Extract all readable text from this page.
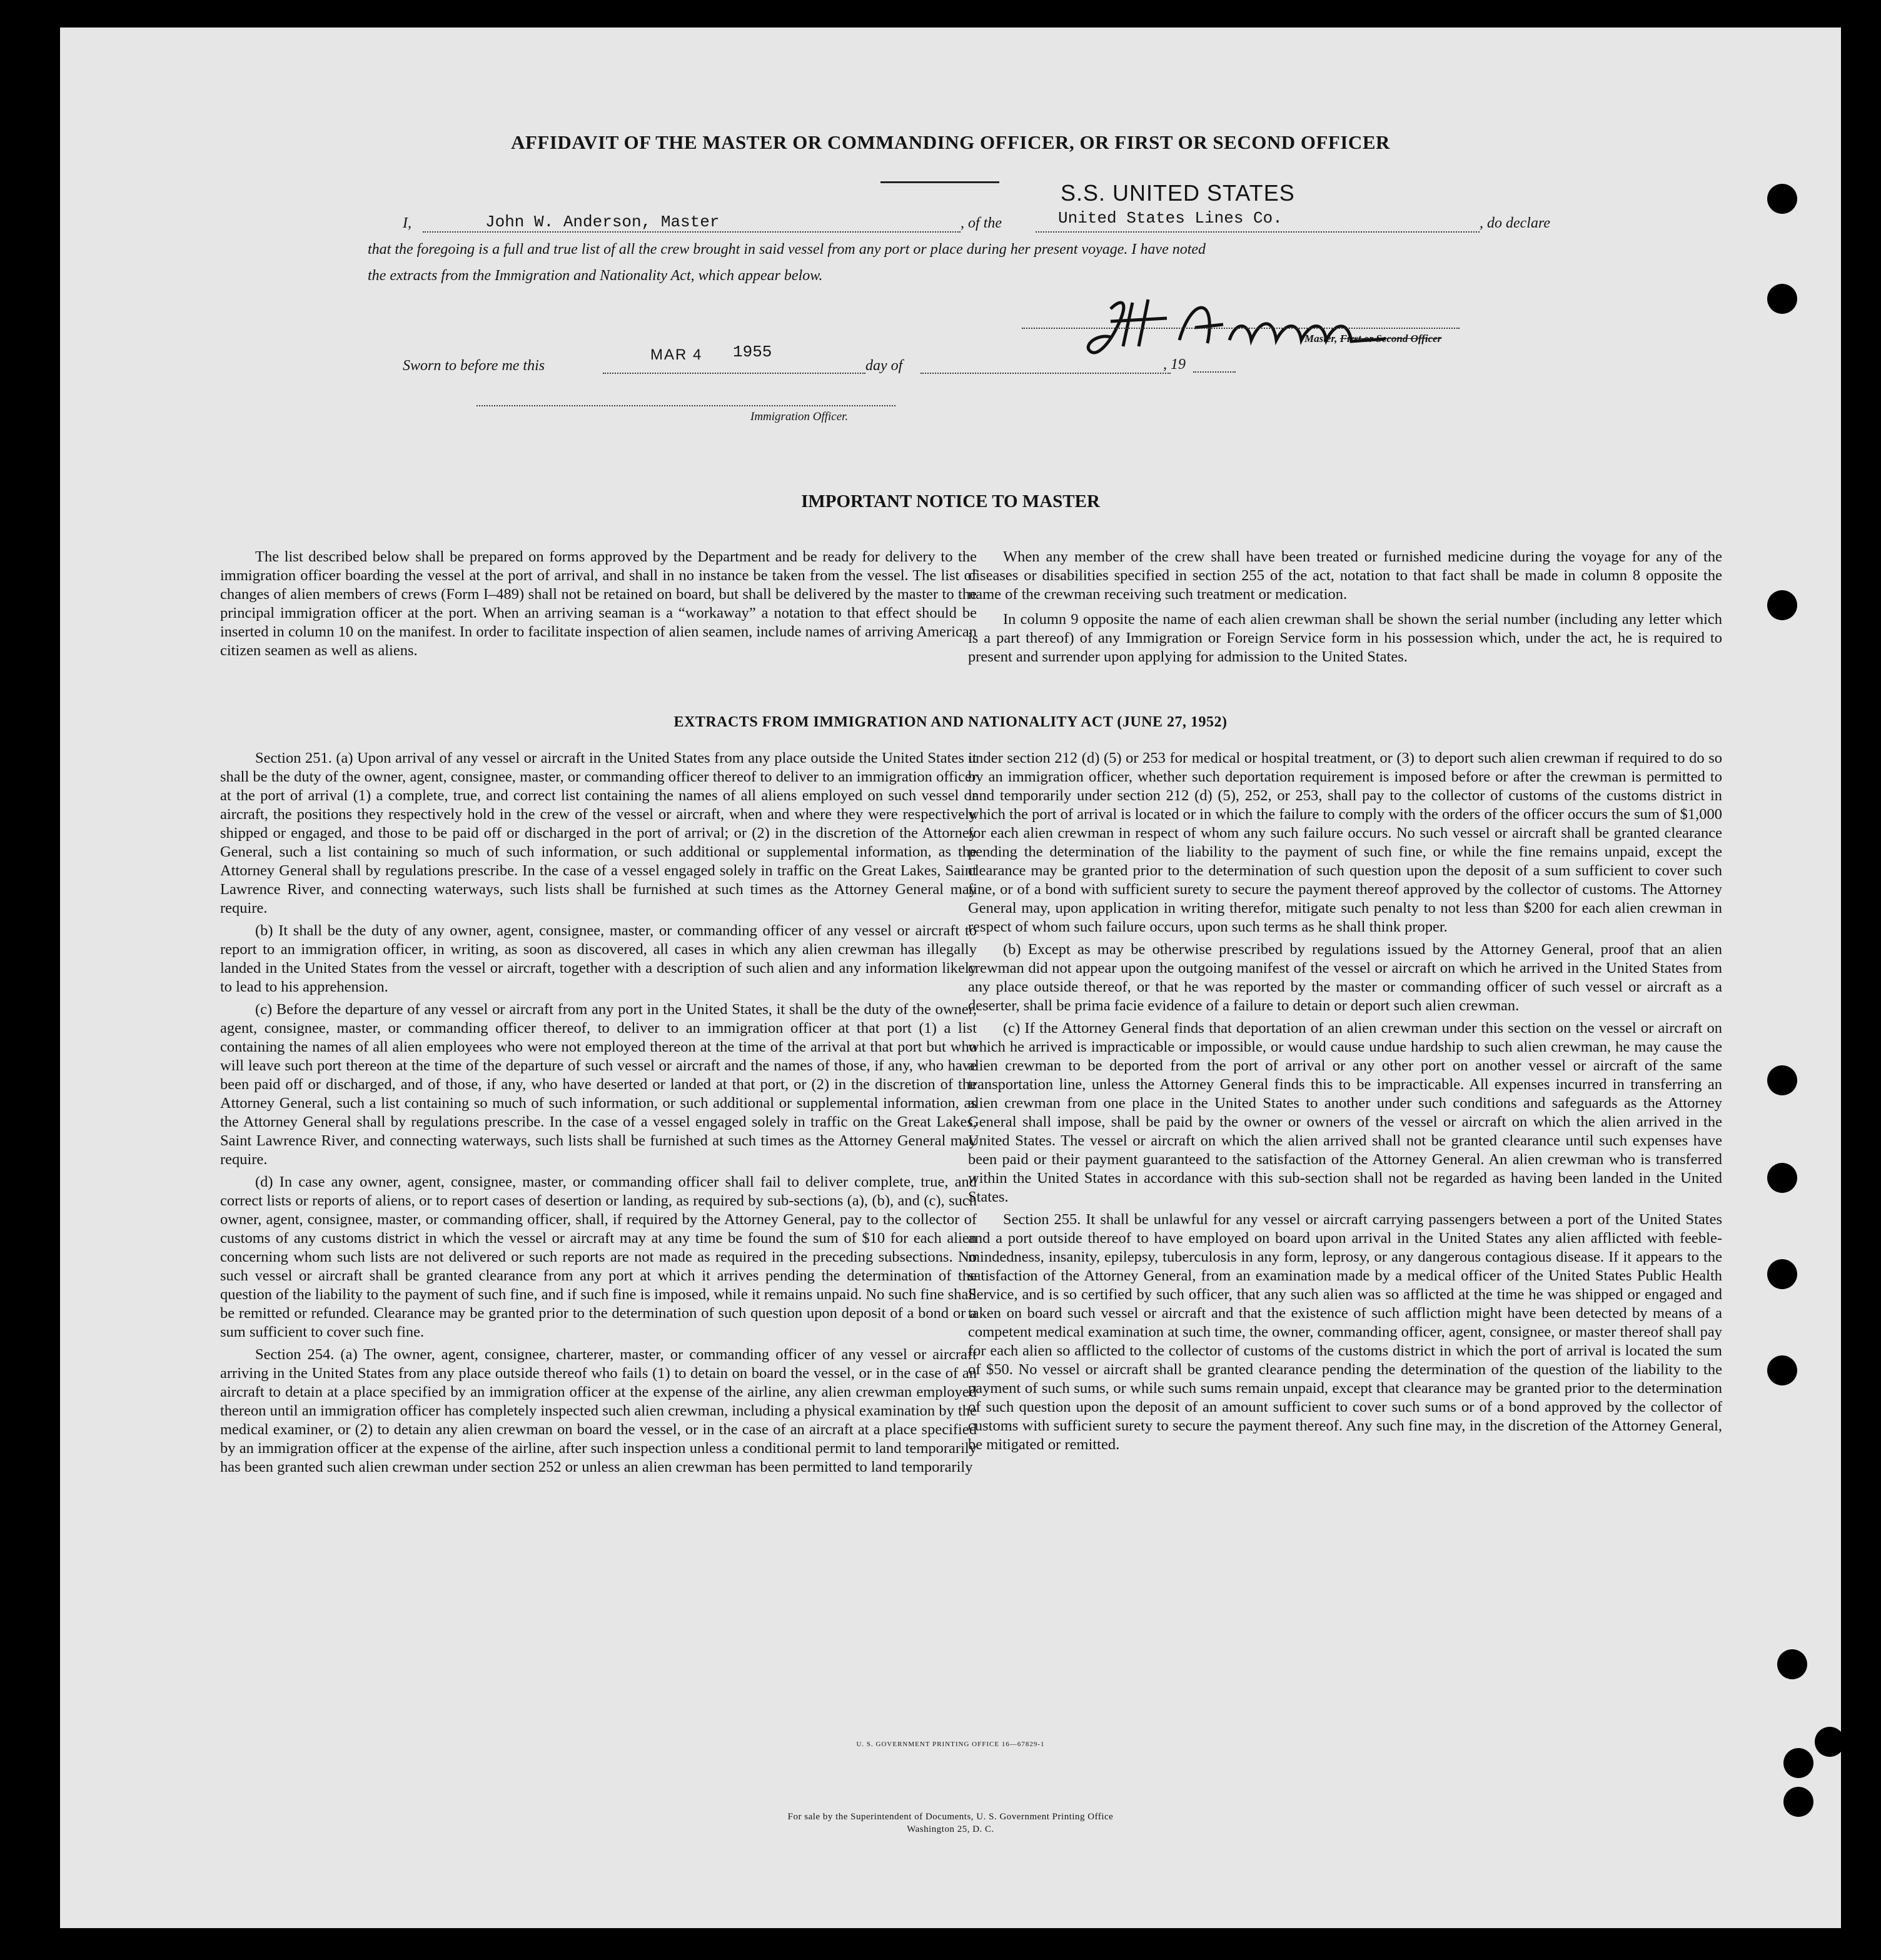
AFFIDAVIT OF THE MASTER OR COMMANDING OFFICER, OR FIRST OR SECOND OFFICER
I,	John W. Anderson, Master	, of the
S.S. UNITED STATES
United States Lines Co.	, do declare
that the foregoing is a full and true list of all the crew brought in said vessel from any port or place during her present voyage. I have noted
the extracts from the Immigration and Nationality Act, which appear below.
Master, First or Second Officer
Sworn to before me this
MAR 4 1955
day of	, 19
Immigration Officer.
IMPORTANT NOTICE TO MASTER

The list described below shall be prepared on forms approved by the Department and be ready for delivery to the immigration officer boarding the vessel at the port of arrival, and shall in no instance be taken from the vessel. The list of changes of alien members of crews (Form I–489) shall not be retained on board, but shall be delivered by the master to the principal immigration officer at the port. When an arriving seaman is a “workaway” a notation to that effect should be inserted in column 10 on the manifest. In order to facilitate inspection of alien seamen, include names of arriving American citizen seamen as well as aliens.

When any member of the crew shall have been treated or furnished medicine during the voyage for any of the diseases or disabilities specified in section 255 of the act, notation to that fact shall be made in column 8 opposite the name of the crewman receiving such treatment or medication.

In column 9 opposite the name of each alien crewman shall be shown the serial number (including any letter which is a part thereof) of any Immigration or Foreign Service form in his possession which, under the act, he is required to present and surrender upon applying for admission to the United States.

EXTRACTS FROM IMMIGRATION AND NATIONALITY ACT (JUNE 27, 1952)

Section 251. (a) Upon arrival of any vessel or aircraft in the United States from any place outside the United States it shall be the duty of the owner, agent, consignee, master, or commanding officer thereof to deliver to an immigration officer at the port of arrival (1) a complete, true, and correct list containing the names of all aliens employed on such vessel or aircraft, the positions they respectively hold in the crew of the vessel or aircraft, when and where they were respectively shipped or engaged, and those to be paid off or discharged in the port of arrival; or (2) in the discretion of the Attorney General, such a list containing so much of such information, or such additional or supplemental information, as the Attorney General shall by regulations prescribe. In the case of a vessel engaged solely in traffic on the Great Lakes, Saint Lawrence River, and connecting waterways, such lists shall be furnished at such times as the Attorney General may require.

(b) It shall be the duty of any owner, agent, consignee, master, or commanding officer of any vessel or aircraft to report to an immigration officer, in writing, as soon as discovered, all cases in which any alien crewman has illegally landed in the United States from the vessel or aircraft, together with a description of such alien and any information likely to lead to his apprehension.

(c) Before the departure of any vessel or aircraft from any port in the United States, it shall be the duty of the owner, agent, consignee, master, or commanding officer thereof, to deliver to an immigration officer at that port (1) a list containing the names of all alien employees who were not employed thereon at the time of the arrival at that port but who will leave such port thereon at the time of the departure of such vessel or aircraft and the names of those, if any, who have been paid off or discharged, and of those, if any, who have deserted or landed at that port, or (2) in the discretion of the Attorney General, such a list containing so much of such information, or such additional or supplemental information, as the Attorney General shall by regulations prescribe. In the case of a vessel engaged solely in traffic on the Great Lakes, Saint Lawrence River, and connecting waterways, such lists shall be furnished at such times as the Attorney General may require.

(d) In case any owner, agent, consignee, master, or commanding officer shall fail to deliver complete, true, and correct lists or reports of aliens, or to report cases of desertion or landing, as required by sub-sections (a), (b), and (c), such owner, agent, consignee, master, or commanding officer, shall, if required by the Attorney General, pay to the collector of customs of any customs district in which the vessel or aircraft may at any time be found the sum of $10 for each alien concerning whom such lists are not delivered or such reports are not made as required in the preceding subsections. No such vessel or aircraft shall be granted clearance from any port at which it arrives pending the determination of the question of the liability to the payment of such fine, and if such fine is imposed, while it remains unpaid. No such fine shall be remitted or refunded. Clearance may be granted prior to the determination of such question upon deposit of a bond or a sum sufficient to cover such fine.

Section 254. (a) The owner, agent, consignee, charterer, master, or commanding officer of any vessel or aircraft arriving in the United States from any place outside thereof who fails (1) to detain on board the vessel, or in the case of an aircraft to detain at a place specified by an immigration officer at the expense of the airline, any alien crewman employed thereon until an immigration officer has completely inspected such alien crewman, including a physical examination by the medical examiner, or (2) to detain any alien crewman on board the vessel, or in the case of an aircraft at a place specified by an immigration officer at the expense of the airline, after such inspection unless a conditional permit to land temporarily has been granted such alien crewman under section 252 or unless an alien crewman has been permitted to land temporarily

under section 212 (d) (5) or 253 for medical or hospital treatment, or (3) to deport such alien crewman if required to do so by an immigration officer, whether such deportation requirement is imposed before or after the crewman is permitted to land temporarily under section 212 (d) (5), 252, or 253, shall pay to the collector of customs of the customs district in which the port of arrival is located or in which the failure to comply with the orders of the officer occurs the sum of $1,000 for each alien crewman in respect of whom any such failure occurs. No such vessel or aircraft shall be granted clearance pending the determination of the liability to the payment of such fine, or while the fine remains unpaid, except the clearance may be granted prior to the determination of such question upon the deposit of a sum sufficient to cover such fine, or of a bond with sufficient surety to secure the payment thereof approved by the collector of customs. The Attorney General may, upon application in writing therefor, mitigate such penalty to not less than $200 for each alien crewman in respect of whom such failure occurs, upon such terms as he shall think proper.

(b) Except as may be otherwise prescribed by regulations issued by the Attorney General, proof that an alien crewman did not appear upon the outgoing manifest of the vessel or aircraft on which he arrived in the United States from any place outside thereof, or that he was reported by the master or commanding officer of such vessel or aircraft as a deserter, shall be prima facie evidence of a failure to detain or deport such alien crewman.

(c) If the Attorney General finds that deportation of an alien crewman under this section on the vessel or aircraft on which he arrived is impracticable or impossible, or would cause undue hardship to such alien crewman, he may cause the alien crewman to be deported from the port of arrival or any other port on another vessel or aircraft of the same transportation line, unless the Attorney General finds this to be impracticable. All expenses incurred in transferring an alien crewman from one place in the United States to another under such conditions and safeguards as the Attorney General shall impose, shall be paid by the owner or owners of the vessel or aircraft on which the alien arrived in the United States. The vessel or aircraft on which the alien arrived shall not be granted clearance until such expenses have been paid or their payment guaranteed to the satisfaction of the Attorney General. An alien crewman who is transferred within the United States in accordance with this sub-section shall not be regarded as having been landed in the United States.

Section 255. It shall be unlawful for any vessel or aircraft carrying passengers between a port of the United States and a port outside thereof to have employed on board upon arrival in the United States any alien afflicted with feeble-mindedness, insanity, epilepsy, tuberculosis in any form, leprosy, or any dangerous contagious disease. If it appears to the satisfaction of the Attorney General, from an examination made by a medical officer of the United States Public Health Service, and is so certified by such officer, that any such alien was so afflicted at the time he was shipped or engaged and taken on board such vessel or aircraft and that the existence of such affliction might have been detected by means of a competent medical examination at such time, the owner, commanding officer, agent, consignee, or master thereof shall pay for each alien so afflicted to the collector of customs of the customs district in which the port of arrival is located the sum of $50. No vessel or aircraft shall be granted clearance pending the determination of the question of the liability to the payment of such sums, or while such sums remain unpaid, except that clearance may be granted prior to the determination of such question upon the deposit of an amount sufficient to cover such sums or of a bond approved by the collector of customs with sufficient surety to secure the payment thereof. Any such fine may, in the discretion of the Attorney General, be mitigated or remitted.

U. S. GOVERNMENT PRINTING OFFICE 16—67829-1
For sale by the Superintendent of Documents, U. S. Government Printing Office
Washington 25, D. C.
